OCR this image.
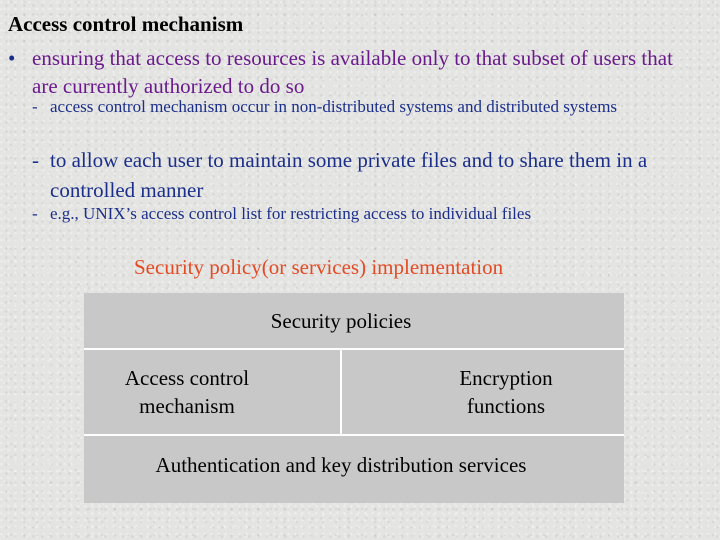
Access control mechanism
• ensuring that access to resources is available only to that subset of users that are currently authorized to do so
- access control mechanism occur in non-distributed systems and distributed systems
- to allow each user to maintain some private files and to share them in a controlled manner
- e.g., UNIX’s access control list for restricting access to individual files
Security policy(or services) implementation
Security policies
Access control
mechanism
Encryption
functions
Authentication and key distribution services
